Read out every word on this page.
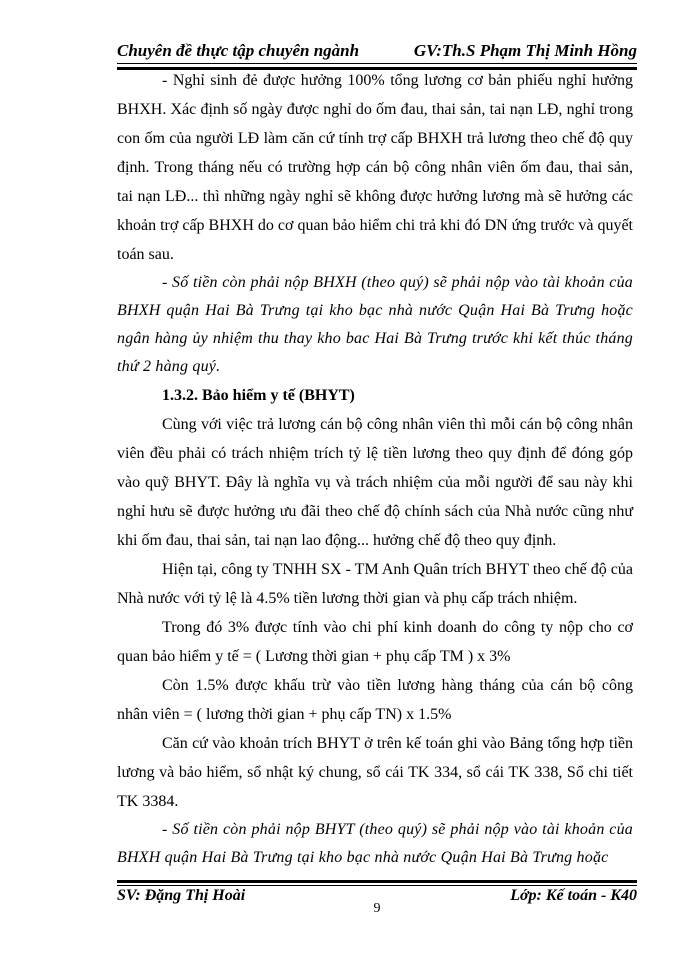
Chuyên đề thực tập chuyên ngành	GV:Th.S Phạm Thị Minh Hồng

- Nghỉ sinh đẻ được hưởng 100% tổng lương cơ bản phiếu nghỉ hưởng BHXH. Xác định số ngày được nghỉ do ốm đau, thai sản, tai nạn LĐ, nghỉ trong con ốm của người LĐ làm căn cứ tính trợ cấp BHXH trả lương theo chế độ quy định. Trong tháng nếu có trường hợp cán bộ công nhân viên ốm đau, thai sản, tai nạn LĐ... thì những ngày nghỉ sẽ không được hưởng lương mà sẽ hưởng các khoản trợ cấp BHXH do cơ quan bảo hiểm chi trả khi đó DN ứng trước và quyết toán sau.

- Số tiền còn phải nộp BHXH (theo quý) sẽ phải nộp vào tài khoản của BHXH quận Hai Bà Trưng tại kho bạc nhà nước Quận Hai Bà Trưng hoặc ngân hàng ủy nhiệm thu thay kho bac Hai Bà Trưng trước khi kết thúc tháng thứ 2 hàng quý.

1.3.2. Bảo hiểm y tế (BHYT)

Cùng với việc trả lương cán bộ công nhân viên thì mỗi cán bộ công nhân viên đều phải có trách nhiệm trích tỷ lệ tiền lương theo quy định để đóng góp vào quỹ BHYT. Đây là nghĩa vụ và trách nhiệm của mỗi người để sau này khi nghỉ hưu sẽ được hưởng ưu đãi theo chế độ chính sách của Nhà nước cũng như khi ốm đau, thai sản, tai nạn lao động... hưởng chế độ theo quy định.

Hiện tại, công ty TNHH SX - TM Anh Quân trích BHYT theo chế độ của Nhà nước với tỷ lệ là 4.5% tiền lương thời gian và phụ cấp trách nhiệm.

Trong đó 3% được tính vào chi phí kinh doanh do công ty nộp cho cơ quan bảo hiểm y tế = ( Lương thời gian + phụ cấp TM ) x 3%

Còn 1.5% được khấu trừ vào tiền lương hàng tháng của cán bộ công nhân viên = ( lương thời gian + phụ cấp TN) x 1.5%

Căn cứ vào khoản trích BHYT ở trên kế toán ghi vào Bảng tổng hợp tiền lương và bảo hiểm, sổ nhật ký chung, sổ cái TK 334, sổ cái TK 338, Sổ chi tiết TK 3384.

- Số tiền còn phải nộp BHYT (theo quý) sẽ phải nộp vào tài khoản của BHXH quận Hai Bà Trưng tại kho bạc nhà nước Quận Hai Bà Trưng hoặc

SV: Đặng Thị Hoài
9
Lớp: Kế toán - K40
